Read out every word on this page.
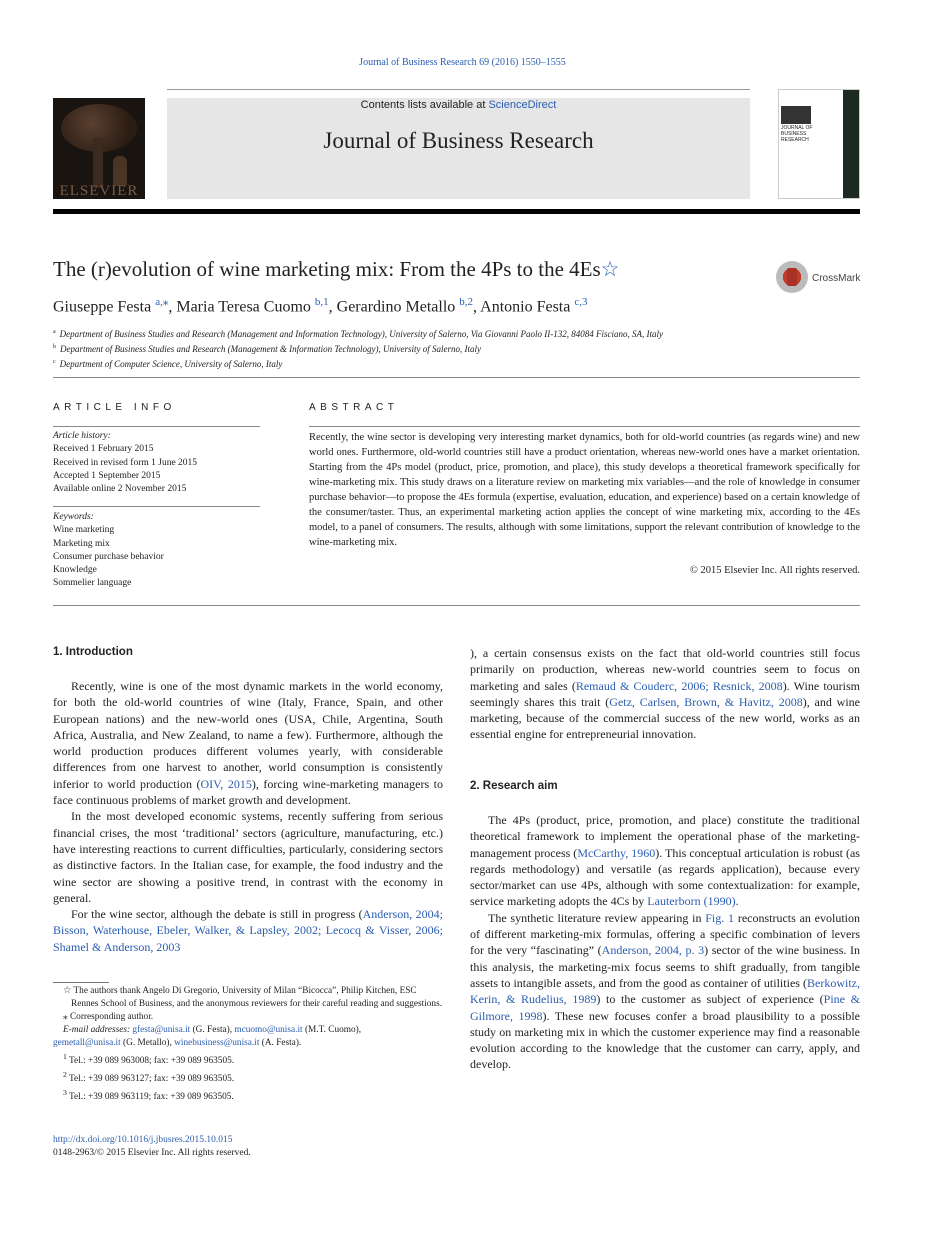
Journal of Business Research 69 (2016) 1550–1555
ELSEVIER
Contents lists available at ScienceDirect
Journal of Business Research	JOURNAL OF BUSINESS RESEARCH
The (r)evolution of wine marketing mix: From the 4Ps to the 4Es☆	CrossMark
Giuseppe Festa $^{a,⁎}$, Maria Teresa Cuomo $^{b,1}$, Gerardino Metallo $^{b,2}$, Antonio Festa $^{c,3}$
$^a$ Department of Business Studies and Research (Management and Information Technology), University of Salerno, Via Giovanni Paolo II-132, 84084 Fisciano, SA, Italy
$^b$ Department of Business Studies and Research (Management & Information Technology), University of Salerno, Italy
$^c$ Department of Computer Science, University of Salerno, Italy
ARTICLE INFO
Article history:
Received 1 February 2015
Received in revised form 1 June 2015
Accepted 1 September 2015
Available online 2 November 2015
Keywords:
Wine marketing
Marketing mix
Consumer purchase behavior
Knowledge
Sommelier language
ABSTRACT
Recently, the wine sector is developing very interesting market dynamics, both for old-world countries (as regards wine) and new world ones. Furthermore, old-world countries still have a product orientation, whereas new-world ones have a market orientation. Starting from the 4Ps model (product, price, promotion, and place), this study develops a theoretical framework specifically for wine-marketing mix. This study draws on a literature review on marketing mix variables—and the role of knowledge in consumer purchase behavior—to propose the 4Es formula (expertise, evaluation, education, and experience) based on a certain knowledge of the consumer/taster. Thus, an experimental marketing action applies the concept of wine marketing mix, according to the 4Es model, to a panel of consumers. The results, although with some limitations, support the relevant contribution of knowledge to the wine-marketing mix.
© 2015 Elsevier Inc. All rights reserved.
1. Introduction

Recently, wine is one of the most dynamic markets in the world economy, for both the old-world countries of wine (Italy, France, Spain, and other European nations) and the new-world ones (USA, Chile, Argentina, South Africa, Australia, and New Zealand, to name a few). Furthermore, although the world production produces different volumes yearly, with considerable differences from one harvest to another, world consumption is consistently inferior to world production (OIV, 2015), forcing wine-marketing managers to face continuous problems of market growth and development.

In the most developed economic systems, recently suffering from serious financial crises, the most ‘traditional’ sectors (agriculture, manufacturing, etc.) have interesting reactions to current difficulties, particularly, considering sectors as distinctive factors. In the Italian case, for example, the food industry and the wine sector are showing a positive trend, in contrast with the economy in general.

For the wine sector, although the debate is still in progress (Anderson, 2004; Bisson, Waterhouse, Ebeler, Walker, & Lapsley, 2002; Lecocq & Visser, 2006; Shamel & Anderson, 2003

☆ The authors thank Angelo Di Gregorio, University of Milan “Bicocca”, Philip Kitchen, ESC Rennes School of Business, and the anonymous reviewers for their careful reading and suggestions.
⁎ Corresponding author.
E-mail addresses: gfesta@unisa.it (G. Festa), mcuomo@unisa.it (M.T. Cuomo),
gemetall@unisa.it (G. Metallo), winebusiness@unisa.it (A. Festa).
$^1$ Tel.: +39 089 963008; fax: +39 089 963505.
$^2$ Tel.: +39 089 963127; fax: +39 089 963505.
$^3$ Tel.: +39 089 963119; fax: +39 089 963505.
http://dx.doi.org/10.1016/j.jbusres.2015.10.015
0148-2963/© 2015 Elsevier Inc. All rights reserved.

), a certain consensus exists on the fact that old-world countries still focus primarily on production, whereas new-world countries seem to focus on marketing and sales (Remaud & Couderc, 2006; Resnick, 2008). Wine tourism seemingly shares this trait (Getz, Carlsen, Brown, & Havitz, 2008), and wine marketing, because of the commercial success of the new world, works as an essential engine for entrepreneurial innovation.

2. Research aim

The 4Ps (product, price, promotion, and place) constitute the traditional theoretical framework to implement the operational phase of the marketing-management process (McCarthy, 1960). This conceptual articulation is robust (as regards methodology) and versatile (as regards application), because every sector/market can use 4Ps, although with some contextualization: for example, service marketing adopts the 4Cs by Lauterborn (1990).

The synthetic literature review appearing in Fig. 1 reconstructs an evolution of different marketing-mix formulas, offering a specific combination of levers for the very “fascinating” (Anderson, 2004, p. 3) sector of the wine business. In this analysis, the marketing-mix focus seems to shift gradually, from tangible assets to intangible assets, and from the good as container of utilities (Berkowitz, Kerin, & Rudelius, 1989) to the customer as subject of experience (Pine & Gilmore, 1998). These new focuses confer a broad plausibility to a possible study on marketing mix in which the customer experience may find a reasonable evolution according to the knowledge that the customer can carry, apply, and develop.
